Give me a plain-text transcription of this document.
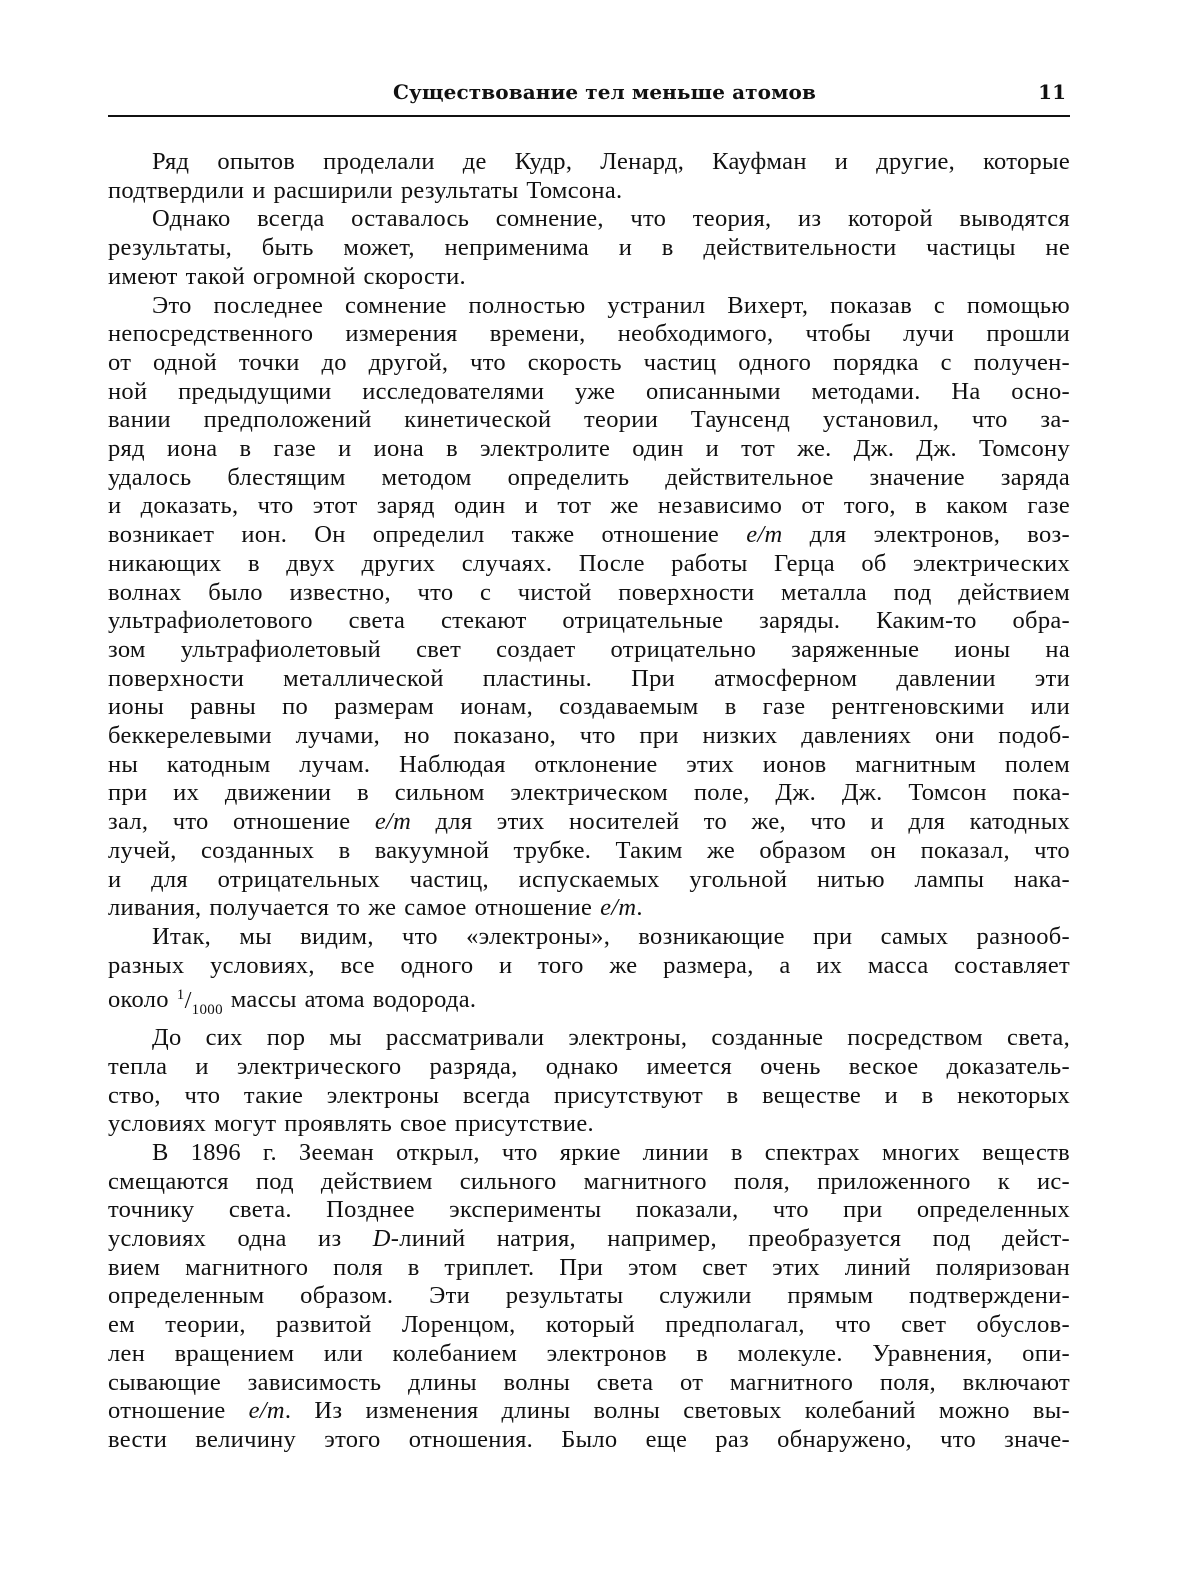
Существование тел меньше атомов	11

Ряд опытов проделали де Кудр, Ленард, Кауфман и другие, которые
подтвердили и расширили результаты Томсона.

Однако всегда оставалось сомнение, что теория, из которой выводятся
результаты, быть может, неприменима и в действительности частицы не
имеют такой огромной скорости.

Это последнее сомнение полностью устранил Вихерт, показав с помощью
непосредственного измерения времени, необходимого, чтобы лучи прошли
от одной точки до другой, что скорость частиц одного порядка с получен-
ной предыдущими исследователями уже описанными методами. На осно-
вании предположений кинетической теории Таунсенд установил, что за-
ряд иона в газе и иона в электролите один и тот же. Дж. Дж. Томсону
удалось блестящим методом определить действительное значение заряда
и доказать, что этот заряд один и тот же независимо от того, в каком газе
возникает ион. Он определил также отношение e/m для электронов, воз-
никающих в двух других случаях. После работы Герца об электрических
волнах было известно, что с чистой поверхности металла под действием
ультрафиолетового света стекают отрицательные заряды. Каким-то обра-
зом ультрафиолетовый свет создает отрицательно заряженные ионы на
поверхности металлической пластины. При атмосферном давлении эти
ионы равны по размерам ионам, создаваемым в газе рентгеновскими или
беккерелевыми лучами, но показано, что при низких давлениях они подоб-
ны катодным лучам. Наблюдая отклонение этих ионов магнитным полем
при их движении в сильном электрическом поле, Дж. Дж. Томсон пока-
зал, что отношение e/m для этих носителей то же, что и для катодных
лучей, созданных в вакуумной трубке. Таким же образом он показал, что
и для отрицательных частиц, испускаемых угольной нитью лампы нака-
ливания, получается то же самое отношение e/m.

Итак, мы видим, что «электроны», возникающие при самых разнооб-
разных условиях, все одного и того же размера, а их масса составляет
около $^1/_{1000}$ массы атома водорода.

До сих пор мы рассматривали электроны, созданные посредством света,
тепла и электрического разряда, однако имеется очень веское доказатель-
ство, что такие электроны всегда присутствуют в веществе и в некоторых
условиях могут проявлять свое присутствие.

В 1896 г. Зееман открыл, что яркие линии в спектрах многих веществ
смещаются под действием сильного магнитного поля, приложенного к ис-
точнику света. Позднее эксперименты показали, что при определенных
условиях одна из D-линий натрия, например, преобразуется под дейст-
вием магнитного поля в триплет. При этом свет этих линий поляризован
определенным образом. Эти результаты служили прямым подтверждени-
ем теории, развитой Лоренцом, который предполагал, что свет обуслов-
лен вращением или колебанием электронов в молекуле. Уравнения, опи-
сывающие зависимость длины волны света от магнитного поля, включают
отношение e/m. Из изменения длины волны световых колебаний можно вы-
вести величину этого отношения. Было еще раз обнаружено, что значе-
